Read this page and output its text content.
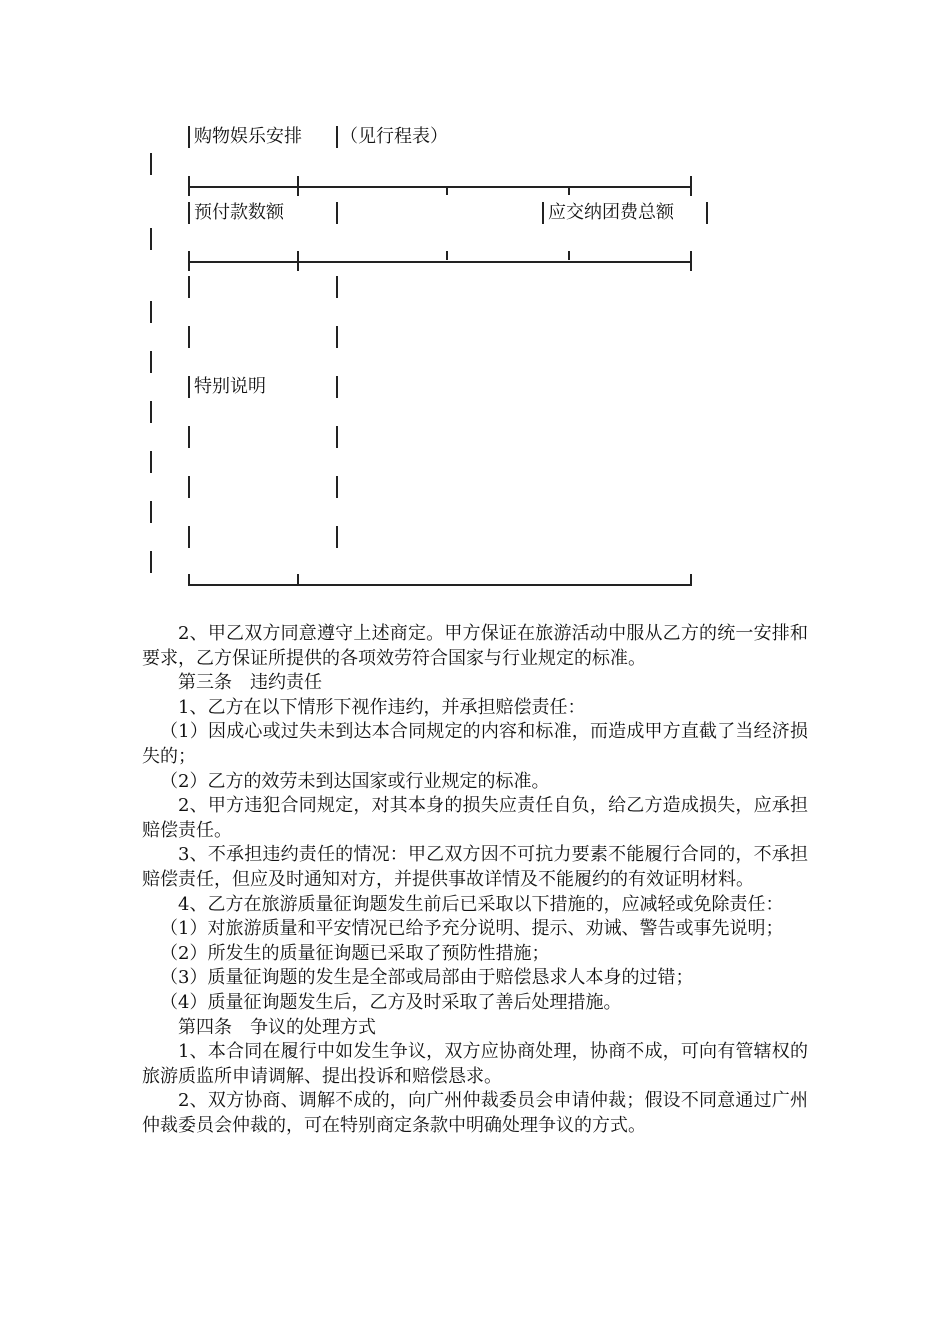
购物娱乐安排 （见行程表）
预付款数额	应交纳团费总额
特别说明

2、甲乙双方同意遵守上述商定。甲方保证在旅游活动中服从乙方的统一安排和要求，乙方保证所提供的各项效劳符合国家与行业规定的标准。

第三条 违约责任

1、乙方在以下情形下视作违约，并承担赔偿责任：

（1）因成心或过失未到达本合同规定的内容和标准，而造成甲方直截了当经济损失的；

（2）乙方的效劳未到达国家或行业规定的标准。

2、甲方违犯合同规定，对其本身的损失应责任自负，给乙方造成损失，应承担赔偿责任。

3、不承担违约责任的情况：甲乙双方因不可抗力要素不能履行合同的，不承担赔偿责任，但应及时通知对方，并提供事故详情及不能履约的有效证明材料。

4、乙方在旅游质量征询题发生前后已采取以下措施的，应减轻或免除责任：

（1）对旅游质量和平安情况已给予充分说明、提示、劝诫、警告或事先说明；

（2）所发生的质量征询题已采取了预防性措施；

（3）质量征询题的发生是全部或局部由于赔偿恳求人本身的过错；

（4）质量征询题发生后，乙方及时采取了善后处理措施。

第四条 争议的处理方式

1、本合同在履行中如发生争议，双方应协商处理，协商不成，可向有管辖权的旅游质监所申请调解、提出投诉和赔偿恳求。

2、双方协商、调解不成的，向广州仲裁委员会申请仲裁；假设不同意通过广州仲裁委员会仲裁的，可在特别商定条款中明确处理争议的方式。
